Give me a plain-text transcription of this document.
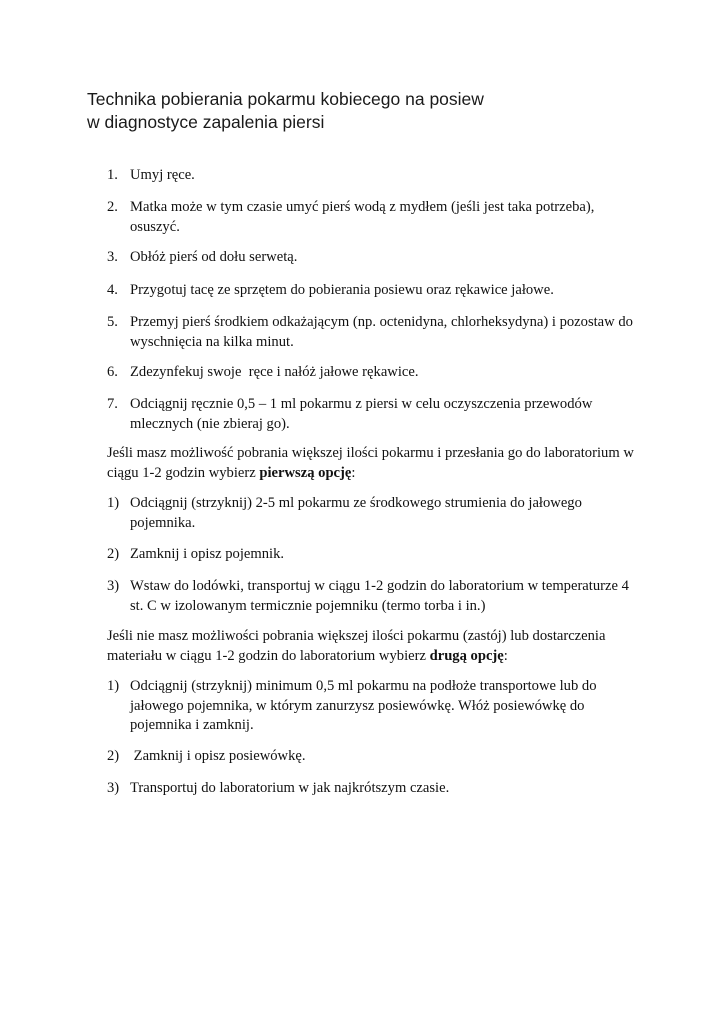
Technika pobierania pokarmu kobiecego na posiew
w diagnostyce zapalenia piersi
1. Umyj ręce.
2. Matka może w tym czasie umyć pierś wodą z mydłem (jeśli jest taka potrzeba), osuszyć.
3. Obłóż pierś od dołu serwetą.
4. Przygotuj tacę ze sprzętem do pobierania posiewu oraz rękawice jałowe.
5. Przemyj pierś środkiem odkażającym (np. octenidyna, chlorheksydyna) i pozostaw do wyschnięcia na kilka minut.
6. Zdezynfekuj swoje  ręce i nałóż jałowe rękawice.
7. Odciągnij ręcznie 0,5 – 1 ml pokarmu z piersi w celu oczyszczenia przewodów mlecznych (nie zbieraj go).
Jeśli masz możliwość pobrania większej ilości pokarmu i przesłania go do laboratorium w ciągu 1-2 godzin wybierz pierwszą opcję:
1) Odciągnij (strzyknij) 2-5 ml pokarmu ze środkowego strumienia do jałowego pojemnika.
2) Zamknij i opisz pojemnik.
3) Wstaw do lodówki, transportuj w ciągu 1-2 godzin do laboratorium w temperaturze 4 st. C w izolowanym termicznie pojemniku (termo torba i in.)
Jeśli nie masz możliwości pobrania większej ilości pokarmu (zastój) lub dostarczenia materiału w ciągu 1-2 godzin do laboratorium wybierz drugą opcję:
1) Odciągnij (strzyknij) minimum 0,5 ml pokarmu na podłoże transportowe lub do jałowego pojemnika, w którym zanurzysz posiewówkę. Włóż posiewówkę do pojemnika i zamknij.
2) Zamknij i opisz posiewówkę.
3) Transportuj do laboratorium w jak najkrótszym czasie.
